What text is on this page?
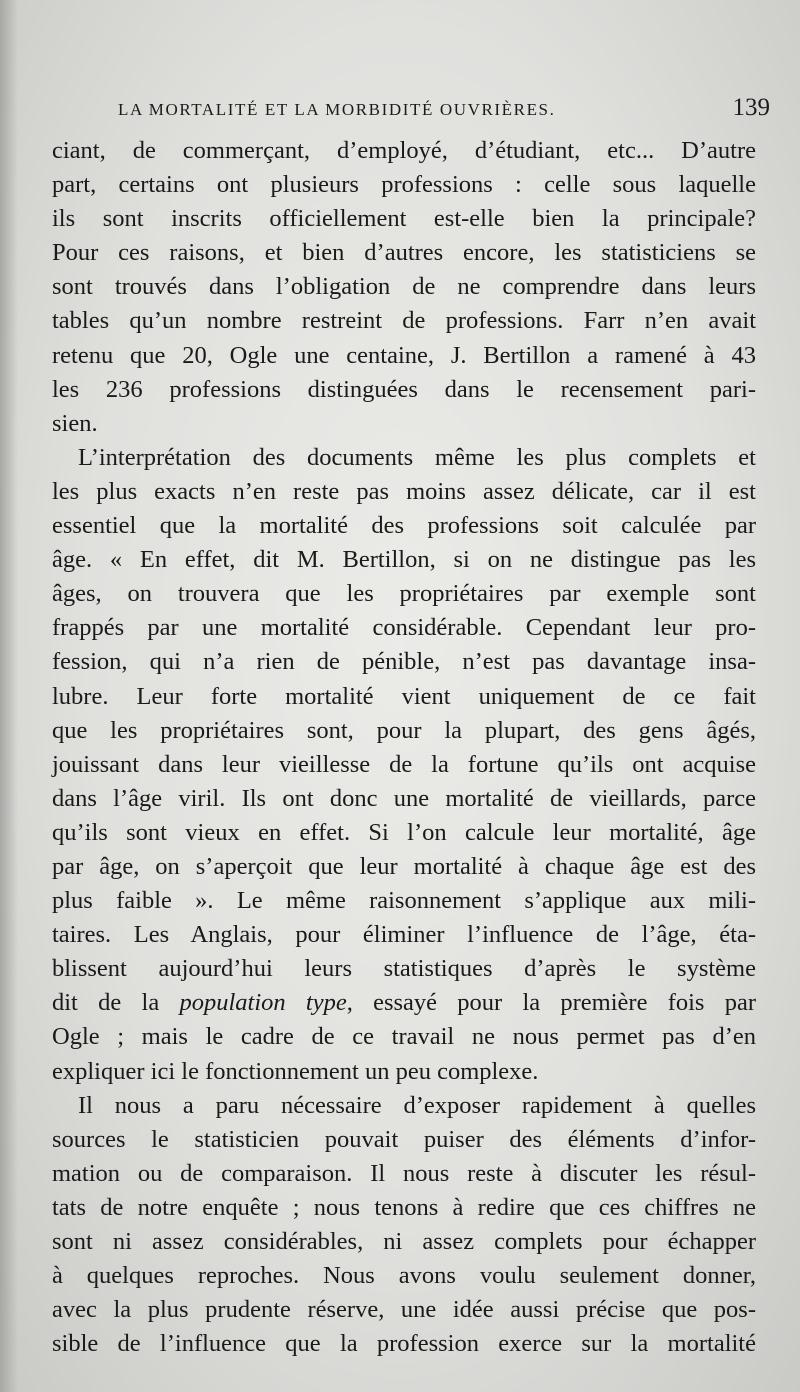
LA MORTALITÉ ET LA MORBIDITÉ OUVRIÈRES.	139
ciant, de commerçant, d’employé, d’étudiant, etc... D’autre
part, certains ont plusieurs professions : celle sous laquelle
ils sont inscrits officiellement est-elle bien la principale?
Pour ces raisons, et bien d’autres encore, les statisticiens se
sont trouvés dans l’obligation de ne comprendre dans leurs
tables qu’un nombre restreint de professions. Farr n’en avait
retenu que 20, Ogle une centaine, J. Bertillon a ramené à 43
les 236 professions distinguées dans le recensement pari-
sien.
L’interprétation des documents même les plus complets et
les plus exacts n’en reste pas moins assez délicate, car il est
essentiel que la mortalité des professions soit calculée par
âge. « En effet, dit M. Bertillon, si on ne distingue pas les
âges, on trouvera que les propriétaires par exemple sont
frappés par une mortalité considérable. Cependant leur pro-
fession, qui n’a rien de pénible, n’est pas davantage insa-
lubre. Leur forte mortalité vient uniquement de ce fait
que les propriétaires sont, pour la plupart, des gens âgés,
jouissant dans leur vieillesse de la fortune qu’ils ont acquise
dans l’âge viril. Ils ont donc une mortalité de vieillards, parce
qu’ils sont vieux en effet. Si l’on calcule leur mortalité, âge
par âge, on s’aperçoit que leur mortalité à chaque âge est des
plus faible ». Le même raisonnement s’applique aux mili-
taires. Les Anglais, pour éliminer l’influence de l’âge, éta-
blissent aujourd’hui leurs statistiques d’après le système
dit de la population type, essayé pour la première fois par
Ogle ; mais le cadre de ce travail ne nous permet pas d’en
expliquer ici le fonctionnement un peu complexe.
Il nous a paru nécessaire d’exposer rapidement à quelles
sources le statisticien pouvait puiser des éléments d’infor-
mation ou de comparaison. Il nous reste à discuter les résul-
tats de notre enquête ; nous tenons à redire que ces chiffres ne
sont ni assez considérables, ni assez complets pour échapper
à quelques reproches. Nous avons voulu seulement donner,
avec la plus prudente réserve, une idée aussi précise que pos-
sible de l’influence que la profession exerce sur la mortalité
